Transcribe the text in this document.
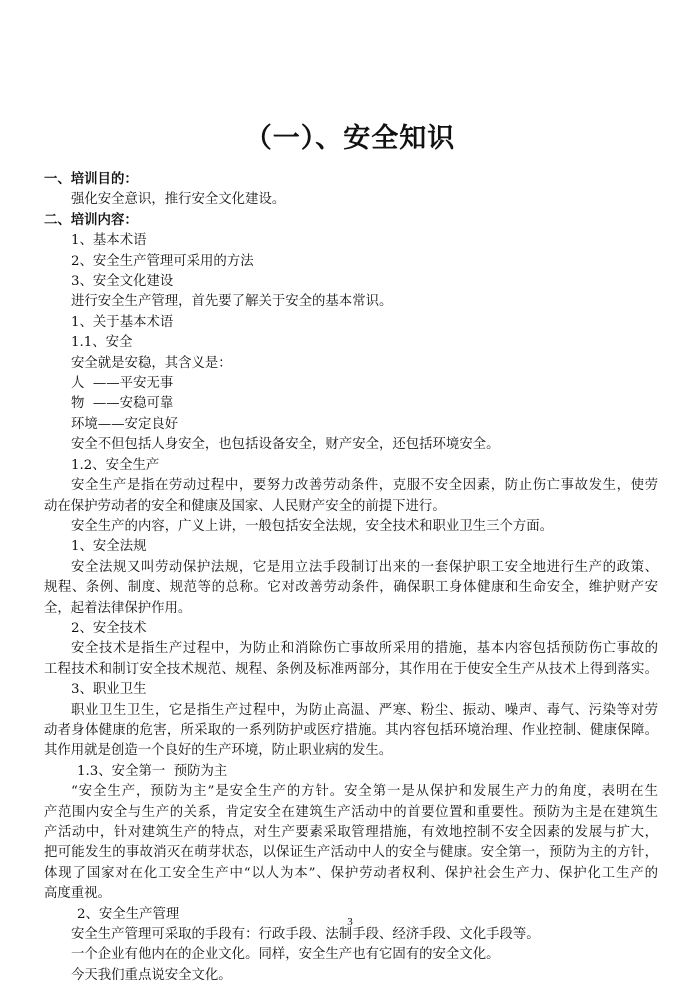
（一）、安全知识
一、培训目的：
强化安全意识，推行安全文化建设。
二、培训内容：
1、基本术语
2、安全生产管理可采用的方法
3、安全文化建设
进行安全生产管理，首先要了解关于安全的基本常识。
1、关于基本术语
1.1、安全
安全就是安稳，其含义是：
人  ——平安无事
物  ——安稳可靠
环境——安定良好
安全不但包括人身安全，也包括设备安全，财产安全，还包括环境安全。
1.2、安全生产
安全生产是指在劳动过程中，要努力改善劳动条件，克服不安全因素，防止伤亡事故发生，使劳
动在保护劳动者的安全和健康及国家、人民财产安全的前提下进行。
安全生产的内容，广义上讲，一般包括安全法规，安全技术和职业卫生三个方面。
1、安全法规
安全法规又叫劳动保护法规，它是用立法手段制订出来的一套保护职工安全地进行生产的政策、
规程、条例、制度、规范等的总称。它对改善劳动条件，确保职工身体健康和生命安全，维护财产安
全，起着法律保护作用。
2、安全技术
安全技术是指生产过程中，为防止和消除伤亡事故所采用的措施，基本内容包括预防伤亡事故的
工程技术和制订安全技术规范、规程、条例及标准两部分，其作用在于使安全生产从技术上得到落实。
3、职业卫生
职业卫生卫生，它是指生产过程中，为防止高温、严寒、粉尘、振动、噪声、毒气、污染等对劳
动者身体健康的危害，所采取的一系列防护或医疗措施。其内容包括环境治理、作业控制、健康保障。
其作用就是创造一个良好的生产环境，防止职业病的发生。
1.3、安全第一  预防为主
“安全生产，预防为主”是安全生产的方针。安全第一是从保护和发展生产力的角度，表明在生
产范围内安全与生产的关系，肯定安全在建筑生产活动中的首要位置和重要性。预防为主是在建筑生
产活动中，针对建筑生产的特点，对生产要素采取管理措施，有效地控制不安全因素的发展与扩大，
把可能发生的事故消灭在萌芽状态，以保证生产活动中人的安全与健康。安全第一，预防为主的方针，
体现了国家对在化工安全生产中“以人为本”、保护劳动者权利、保护社会生产力、保护化工生产的
高度重视。
2、安全生产管理
安全生产管理可采取的手段有：行政手段、法制手段、经济手段、文化手段等。
一个企业有他内在的企业文化。同样，安全生产也有它固有的安全文化。
今天我们重点说安全文化。
3
